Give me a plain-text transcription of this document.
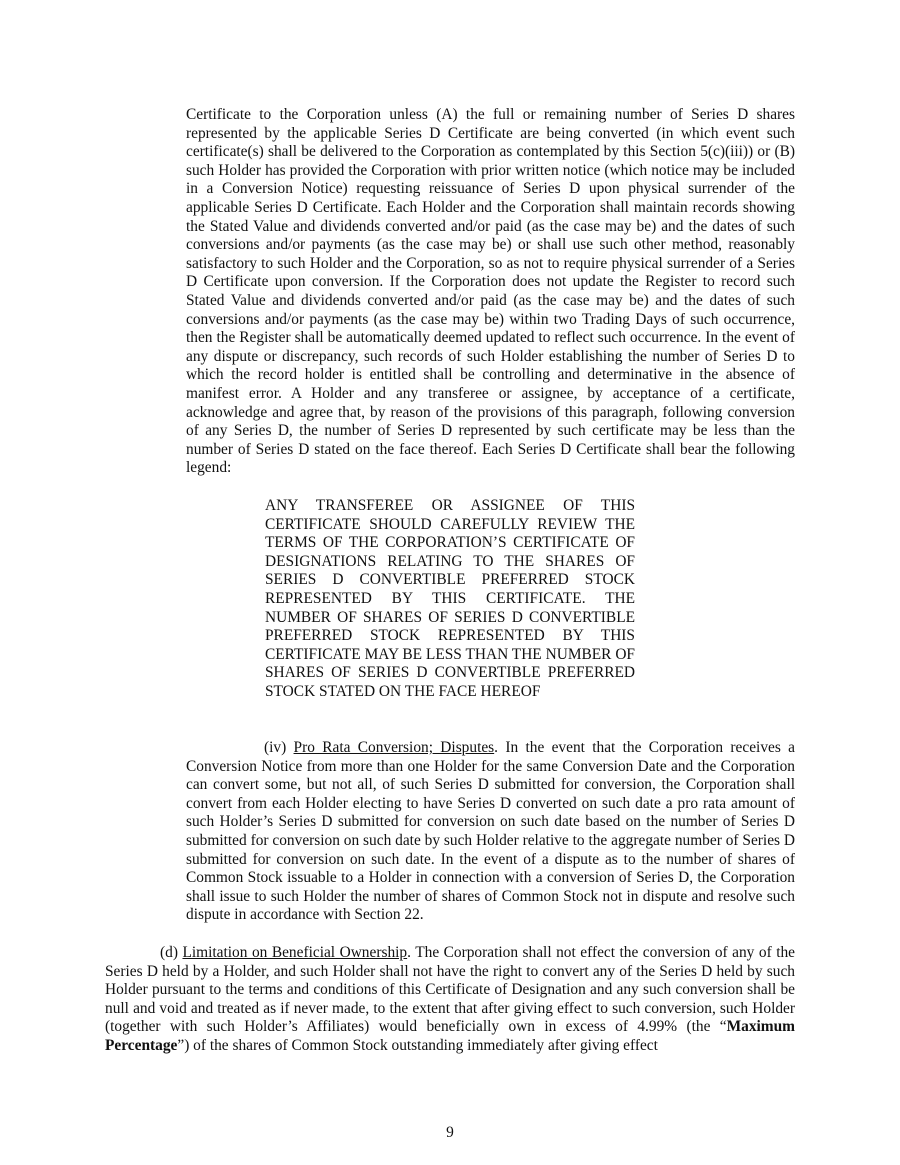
Certificate to the Corporation unless (A) the full or remaining number of Series D shares represented by the applicable Series D Certificate are being converted (in which event such certificate(s) shall be delivered to the Corporation as contemplated by this Section 5(c)(iii)) or (B) such Holder has provided the Corporation with prior written notice (which notice may be included in a Conversion Notice) requesting reissuance of Series D upon physical surrender of the applicable Series D Certificate. Each Holder and the Corporation shall maintain records showing the Stated Value and dividends converted and/or paid (as the case may be) and the dates of such conversions and/or payments (as the case may be) or shall use such other method, reasonably satisfactory to such Holder and the Corporation, so as not to require physical surrender of a Series D Certificate upon conversion. If the Corporation does not update the Register to record such Stated Value and dividends converted and/or paid (as the case may be) and the dates of such conversions and/or payments (as the case may be) within two Trading Days of such occurrence, then the Register shall be automatically deemed updated to reflect such occurrence. In the event of any dispute or discrepancy, such records of such Holder establishing the number of Series D to which the record holder is entitled shall be controlling and determinative in the absence of manifest error. A Holder and any transferee or assignee, by acceptance of a certificate, acknowledge and agree that, by reason of the provisions of this paragraph, following conversion of any Series D, the number of Series D represented by such certificate may be less than the number of Series D stated on the face thereof. Each Series D Certificate shall bear the following legend:

ANY TRANSFEREE OR ASSIGNEE OF THIS CERTIFICATE SHOULD CAREFULLY REVIEW THE TERMS OF THE CORPORATION’S CERTIFICATE OF DESIGNATIONS RELATING TO THE SHARES OF SERIES D CONVERTIBLE PREFERRED STOCK REPRESENTED BY THIS CERTIFICATE. THE NUMBER OF SHARES OF SERIES D CONVERTIBLE PREFERRED STOCK REPRESENTED BY THIS CERTIFICATE MAY BE LESS THAN THE NUMBER OF SHARES OF SERIES D CONVERTIBLE PREFERRED STOCK STATED ON THE FACE HEREOF

(iv) Pro Rata Conversion; Disputes. In the event that the Corporation receives a Conversion Notice from more than one Holder for the same Conversion Date and the Corporation can convert some, but not all, of such Series D submitted for conversion, the Corporation shall convert from each Holder electing to have Series D converted on such date a pro rata amount of such Holder’s Series D submitted for conversion on such date based on the number of Series D submitted for conversion on such date by such Holder relative to the aggregate number of Series D submitted for conversion on such date. In the event of a dispute as to the number of shares of Common Stock issuable to a Holder in connection with a conversion of Series D, the Corporation shall issue to such Holder the number of shares of Common Stock not in dispute and resolve such dispute in accordance with Section 22.

(d) Limitation on Beneficial Ownership. The Corporation shall not effect the conversion of any of the Series D held by a Holder, and such Holder shall not have the right to convert any of the Series D held by such Holder pursuant to the terms and conditions of this Certificate of Designation and any such conversion shall be null and void and treated as if never made, to the extent that after giving effect to such conversion, such Holder (together with such Holder’s Affiliates) would beneficially own in excess of 4.99% (the “Maximum Percentage”) of the shares of Common Stock outstanding immediately after giving effect

9
